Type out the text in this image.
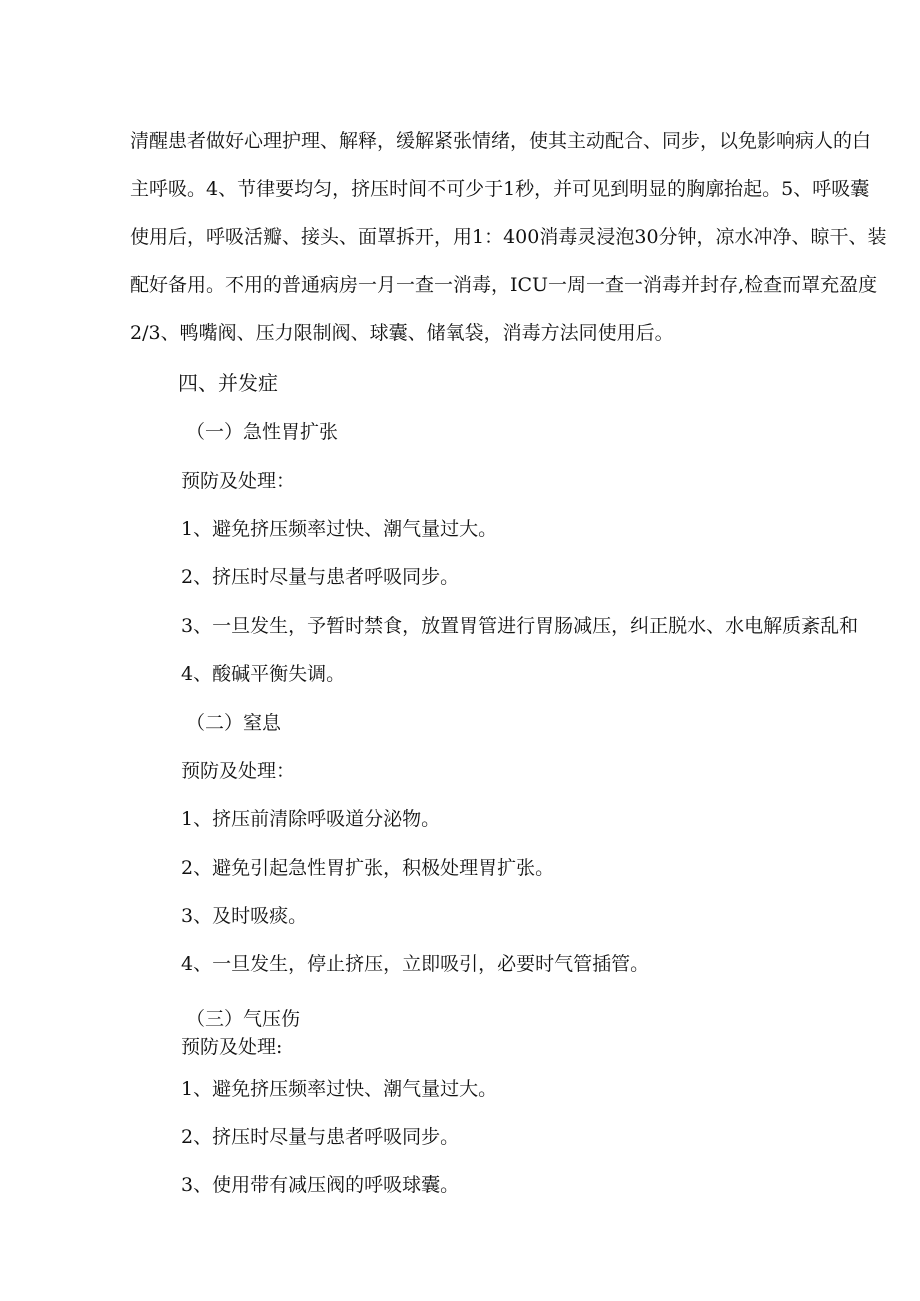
清醒患者做好心理护理、解释，缓解紧张情绪，使其主动配合、同步，以免影响病人的白
主呼吸。4、节律要均匀，挤压时间不可少于1秒，并可见到明显的胸廓抬起。5、呼吸囊
使用后，呼吸活瓣、接头、面罩拆开，用1：400消毒灵浸泡30分钟，凉水冲净、晾干、装
配好备用。不用的普通病房一月一查一消毒，ICU一周一查一消毒并封存,检查而罩充盈度
2/3、鸭嘴阀、压力限制阀、球囊、储氧袋，消毒方法同使用后。
四、并发症
（一）急性胃扩张
预防及处理：
1、避免挤压频率过快、潮气量过大。
2、挤压时尽量与患者呼吸同步。
3、一旦发生，予暂时禁食，放置胃管进行胃肠减压，纠正脱水、水电解质紊乱和
4、酸碱平衡失调。
（二）窒息
预防及处理：
1、挤压前清除呼吸道分泌物。
2、避免引起急性胃扩张，积极处理胃扩张。
3、及时吸痰。
4、一旦发生，停止挤压，立即吸引，必要时气管插管。
（三）气压伤
预防及处理:
1、避免挤压频率过快、潮气量过大。
2、挤压时尽量与患者呼吸同步。
3、使用带有减压阀的呼吸球囊。
